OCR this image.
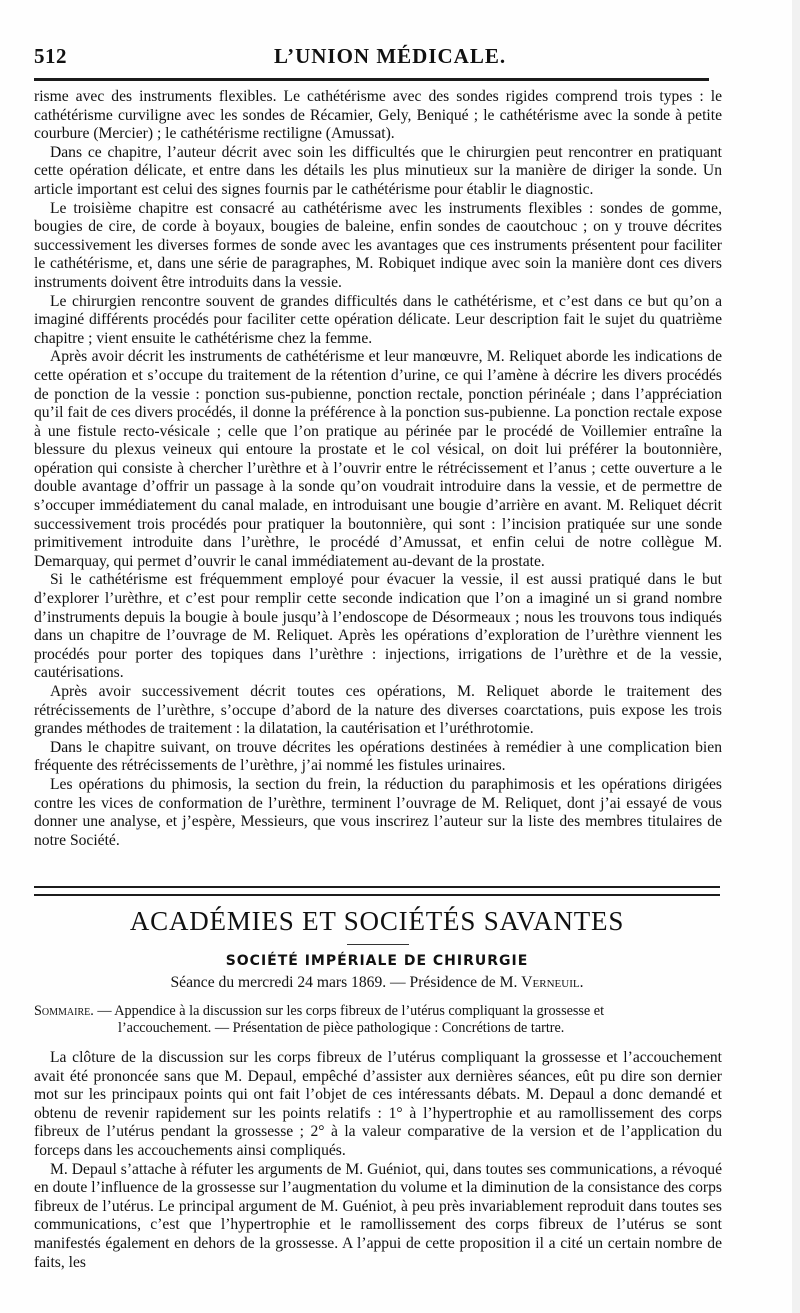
512	L’UNION MÉDICALE.

risme avec des instruments flexibles. Le cathétérisme avec des sondes rigides comprend trois types : le cathétérisme curviligne avec les sondes de Récamier, Gely, Beniqué ; le cathétérisme avec la sonde à petite courbure (Mercier) ; le cathétérisme rectiligne (Amussat).

Dans ce chapitre, l’auteur décrit avec soin les difficultés que le chirurgien peut rencontrer en pratiquant cette opération délicate, et entre dans les détails les plus minutieux sur la manière de diriger la sonde. Un article important est celui des signes fournis par le cathétérisme pour établir le diagnostic.

Le troisième chapitre est consacré au cathétérisme avec les instruments flexibles : sondes de gomme, bougies de cire, de corde à boyaux, bougies de baleine, enfin sondes de caoutchouc ; on y trouve décrites successivement les diverses formes de sonde avec les avantages que ces instruments présentent pour faciliter le cathétérisme, et, dans une série de paragraphes, M. Robiquet indique avec soin la manière dont ces divers instruments doivent être introduits dans la vessie.

Le chirurgien rencontre souvent de grandes difficultés dans le cathétérisme, et c’est dans ce but qu’on a imaginé différents procédés pour faciliter cette opération délicate. Leur description fait le sujet du quatrième chapitre ; vient ensuite le cathétérisme chez la femme.

Après avoir décrit les instruments de cathétérisme et leur manœuvre, M. Reliquet aborde les indications de cette opération et s’occupe du traitement de la rétention d’urine, ce qui l’amène à décrire les divers procédés de ponction de la vessie : ponction sus-pubienne, ponction rectale, ponction périnéale ; dans l’appréciation qu’il fait de ces divers procédés, il donne la préférence à la ponction sus-pubienne. La ponction rectale expose à une fistule recto-vésicale ; celle que l’on pratique au périnée par le procédé de Voillemier entraîne la blessure du plexus veineux qui entoure la prostate et le col vésical, on doit lui préférer la boutonnière, opération qui consiste à chercher l’urèthre et à l’ouvrir entre le rétrécissement et l’anus ; cette ouverture a le double avantage d’offrir un passage à la sonde qu’on voudrait introduire dans la vessie, et de permettre de s’occuper immédiatement du canal malade, en introduisant une bougie d’arrière en avant. M. Reliquet décrit successivement trois procédés pour pratiquer la boutonnière, qui sont : l’incision pratiquée sur une sonde primitivement introduite dans l’urèthre, le procédé d’Amussat, et enfin celui de notre collègue M. Demarquay, qui permet d’ouvrir le canal immédiatement au-devant de la prostate.

Si le cathétérisme est fréquemment employé pour évacuer la vessie, il est aussi pratiqué dans le but d’explorer l’urèthre, et c’est pour remplir cette seconde indication que l’on a imaginé un si grand nombre d’instruments depuis la bougie à boule jusqu’à l’endoscope de Désormeaux ; nous les trouvons tous indiqués dans un chapitre de l’ouvrage de M. Reliquet. Après les opérations d’exploration de l’urèthre viennent les procédés pour porter des topiques dans l’urèthre : injections, irrigations de l’urèthre et de la vessie, cautérisations.

Après avoir successivement décrit toutes ces opérations, M. Reliquet aborde le traitement des rétrécissements de l’urèthre, s’occupe d’abord de la nature des diverses coarctations, puis expose les trois grandes méthodes de traitement : la dilatation, la cautérisation et l’uréthrotomie.

Dans le chapitre suivant, on trouve décrites les opérations destinées à remédier à une complication bien fréquente des rétrécissements de l’urèthre, j’ai nommé les fistules urinaires.

Les opérations du phimosis, la section du frein, la réduction du paraphimosis et les opérations dirigées contre les vices de conformation de l’urèthre, terminent l’ouvrage de M. Reliquet, dont j’ai essayé de vous donner une analyse, et j’espère, Messieurs, que vous inscrirez l’auteur sur la liste des membres titulaires de notre Société.

ACADÉMIES ET SOCIÉTÉS SAVANTES
SOCIÉTÉ IMPÉRIALE DE CHIRURGIE
Séance du mercredi 24 mars 1869. — Présidence de M. Verneuil.

Sommaire. — Appendice à la discussion sur les corps fibreux de l’utérus compliquant la grossesse et
l’accouchement. — Présentation de pièce pathologique : Concrétions de tartre.

La clôture de la discussion sur les corps fibreux de l’utérus compliquant la grossesse et l’accouchement avait été prononcée sans que M. Depaul, empêché d’assister aux dernières séances, eût pu dire son dernier mot sur les principaux points qui ont fait l’objet de ces intéressants débats. M. Depaul a donc demandé et obtenu de revenir rapidement sur les points relatifs : 1° à l’hypertrophie et au ramollissement des corps fibreux de l’utérus pendant la grossesse ; 2° à la valeur comparative de la version et de l’application du forceps dans les accouchements ainsi compliqués.

M. Depaul s’attache à réfuter les arguments de M. Guéniot, qui, dans toutes ses communications, a révoqué en doute l’influence de la grossesse sur l’augmentation du volume et la diminution de la consistance des corps fibreux de l’utérus. Le principal argument de M. Guéniot, à peu près invariablement reproduit dans toutes ses communications, c’est que l’hypertrophie et le ramollissement des corps fibreux de l’utérus se sont manifestés également en dehors de la grossesse. A l’appui de cette proposition il a cité un certain nombre de faits, les
